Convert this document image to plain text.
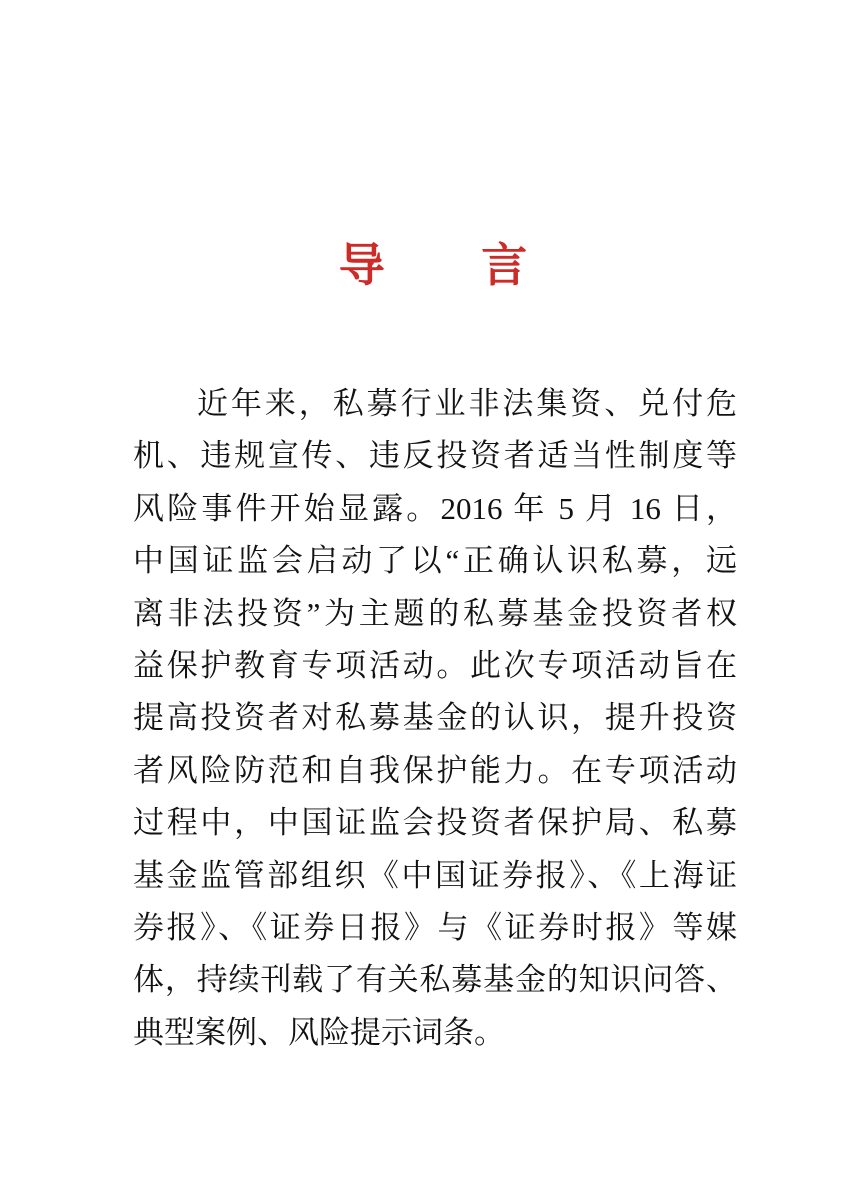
导　言
近年来，私募行业非法集资、兑付危
机、违规宣传、违反投资者适当性制度等
风险事件开始显露。2016 年 5 月 16 日，
中国证监会启动了以“正确认识私募，远
离非法投资”为主题的私募基金投资者权
益保护教育专项活动。此次专项活动旨在
提高投资者对私募基金的认识，提升投资
者风险防范和自我保护能力。在专项活动
过程中，中国证监会投资者保护局、私募
基金监管部组织《中国证券报》、《上海证
券报》、《证券日报》与《证券时报》等媒
体，持续刊载了有关私募基金的知识问答、
典型案例、风险提示词条。
